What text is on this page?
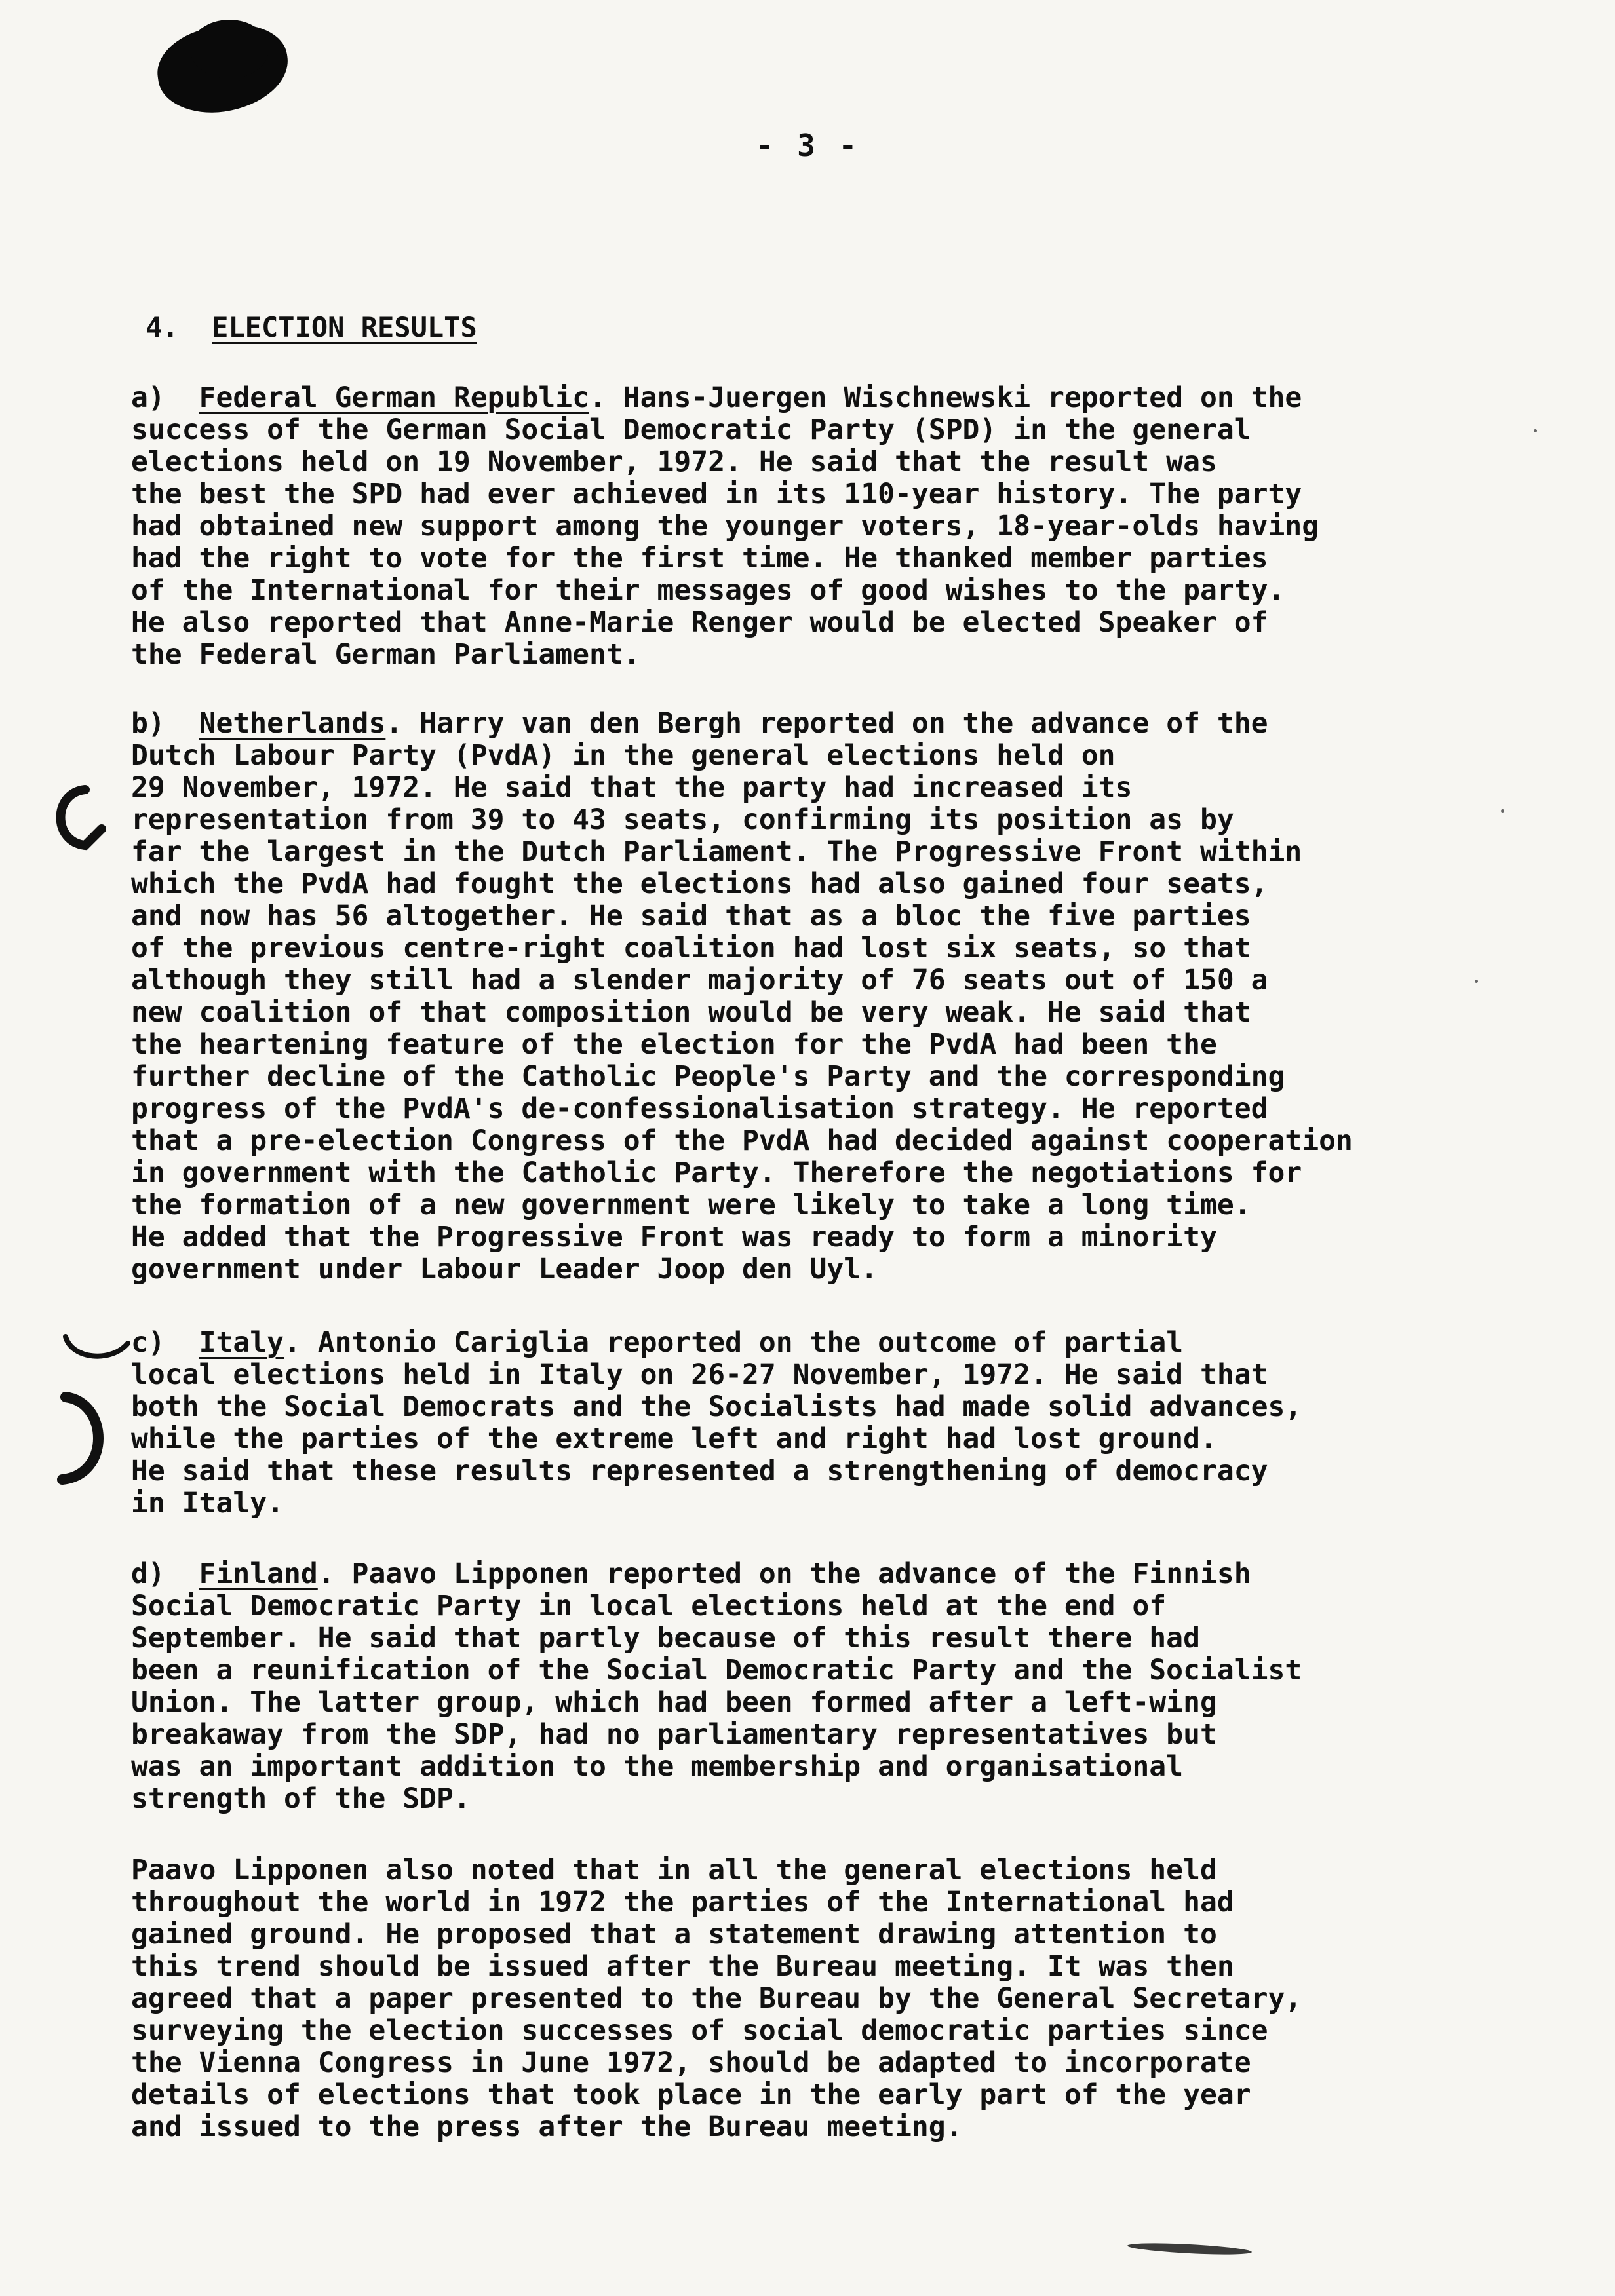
- 3 -
4. ELECTION RESULTS
a) Federal German Republic. Hans-Juergen Wischnewski reported on the
success of the German Social Democratic Party (SPD) in the general
elections held on 19 November, 1972. He said that the result was
the best the SPD had ever achieved in its 110-year history. The party
had obtained new support among the younger voters, 18-year-olds having
had the right to vote for the first time. He thanked member parties
of the International for their messages of good wishes to the party.
He also reported that Anne-Marie Renger would be elected Speaker of
the Federal German Parliament.
b) Netherlands. Harry van den Bergh reported on the advance of the
Dutch Labour Party (PvdA) in the general elections held on
29 November, 1972. He said that the party had increased its
representation from 39 to 43 seats, confirming its position as by
far the largest in the Dutch Parliament. The Progressive Front within
which the PvdA had fought the elections had also gained four seats,
and now has 56 altogether. He said that as a bloc the five parties
of the previous centre-right coalition had lost six seats, so that
although they still had a slender majority of 76 seats out of 150 a
new coalition of that composition would be very weak. He said that
the heartening feature of the election for the PvdA had been the
further decline of the Catholic People's Party and the corresponding
progress of the PvdA's de-confessionalisation strategy. He reported
that a pre-election Congress of the PvdA had decided against cooperation
in government with the Catholic Party. Therefore the negotiations for
the formation of a new government were likely to take a long time.
He added that the Progressive Front was ready to form a minority
government under Labour Leader Joop den Uyl.
c) Italy. Antonio Cariglia reported on the outcome of partial
local elections held in Italy on 26-27 November, 1972. He said that
both the Social Democrats and the Socialists had made solid advances,
while the parties of the extreme left and right had lost ground.
He said that these results represented a strengthening of democracy
in Italy.
d) Finland. Paavo Lipponen reported on the advance of the Finnish
Social Democratic Party in local elections held at the end of
September. He said that partly because of this result there had
been a reunification of the Social Democratic Party and the Socialist
Union. The latter group, which had been formed after a left-wing
breakaway from the SDP, had no parliamentary representatives but
was an important addition to the membership and organisational
strength of the SDP.
Paavo Lipponen also noted that in all the general elections held
throughout the world in 1972 the parties of the International had
gained ground. He proposed that a statement drawing attention to
this trend should be issued after the Bureau meeting. It was then
agreed that a paper presented to the Bureau by the General Secretary,
surveying the election successes of social democratic parties since
the Vienna Congress in June 1972, should be adapted to incorporate
details of elections that took place in the early part of the year
and issued to the press after the Bureau meeting.
